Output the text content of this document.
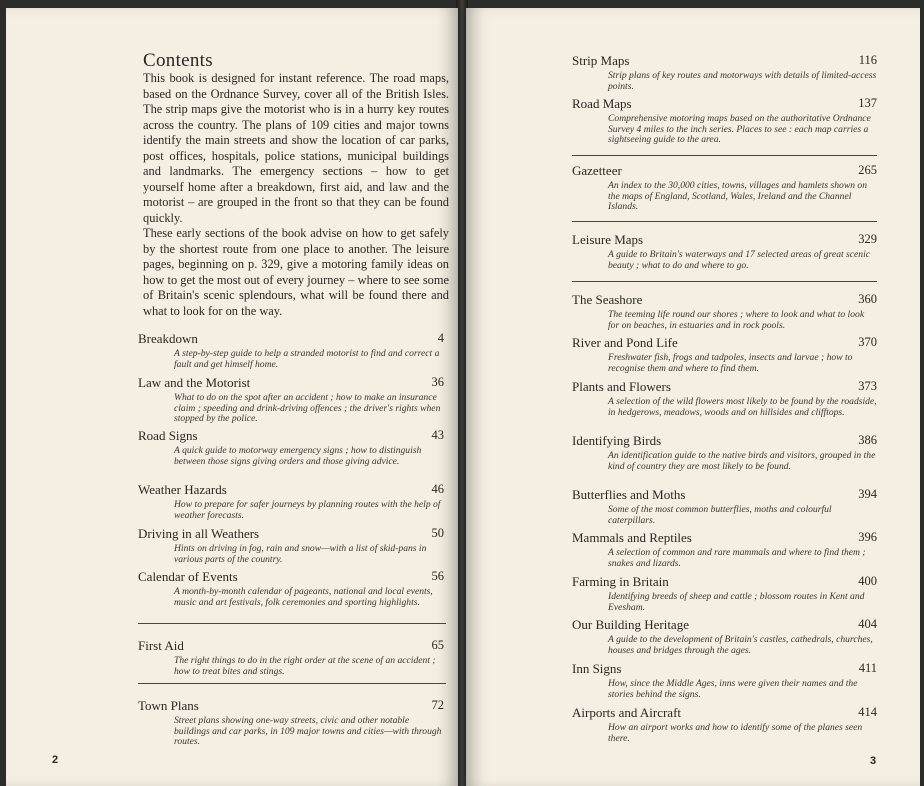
Contents

This book is designed for instant reference. The road maps, based on the Ordnance Survey, cover all of the British Isles. The strip maps give the motorist who is in a hurry key routes across the country. The plans of 109 cities and major towns identify the main streets and show the location of car parks, post offices, hospitals, police stations, municipal buildings and landmarks. The emergency sections – how to get yourself home after a breakdown, first aid, and law and the motorist – are grouped in the front so that they can be found quickly.

These early sections of the book advise on how to get safely by the shortest route from one place to another. The leisure pages, beginning on p. 329, give a motoring family ideas on how to get the most out of every journey – where to see some of Britain's scenic splendours, what will be found there and what to look for on the way.

Breakdown	4
A step-by-step guide to help a stranded motorist to find and correct a fault and get himself home.
Law and the Motorist	36
What to do on the spot after an accident ; how to make an insurance claim ; speeding and drink-driving offences ; the driver's rights when stopped by the police.
Road Signs	43
A quick guide to motorway emergency signs ; how to distinguish between those signs giving orders and those giving advice.
Weather Hazards	46
How to prepare for safer journeys by planning routes with the help of weather forecasts.
Driving in all Weathers	50
Hints on driving in fog, rain and snow—with a list of skid-pans in various parts of the country.
Calendar of Events	56
A month-by-month calendar of pageants, national and local events, music and art festivals, folk ceremonies and sporting highlights.
First Aid	65
The right things to do in the right order at the scene of an accident ; how to treat bites and stings.
Town Plans	72
Street plans showing one-way streets, civic and other notable buildings and car parks, in 109 major towns and cities—with through routes.
2
Strip Maps	116
Strip plans of key routes and motorways with details of limited-access points.
Road Maps	137
Comprehensive motoring maps based on the authoritative Ordnance Survey 4 miles to the inch series. Places to see : each map carries a sightseeing guide to the area.
Gazetteer	265
An index to the 30,000 cities, towns, villages and hamlets shown on the maps of England, Scotland, Wales, Ireland and the Channel Islands.
Leisure Maps	329
A guide to Britain's waterways and 17 selected areas of great scenic beauty ; what to do and where to go.
The Seashore	360
The teeming life round our shores ; where to look and what to look for on beaches, in estuaries and in rock pools.
River and Pond Life	370
Freshwater fish, frogs and tadpoles, insects and larvae ; how to recognise them and where to find them.
Plants and Flowers	373
A selection of the wild flowers most likely to be found by the roadside, in hedgerows, meadows, woods and on hillsides and clifftops.
Identifying Birds	386
An identification guide to the native birds and visitors, grouped in the kind of country they are most likely to be found.
Butterflies and Moths	394
Some of the most common butterflies, moths and colourful caterpillars.
Mammals and Reptiles	396
A selection of common and rare mammals and where to find them ; snakes and lizards.
Farming in Britain	400
Identifying breeds of sheep and cattle ; blossom routes in Kent and Evesham.
Our Building Heritage	404
A guide to the development of Britain's castles, cathedrals, churches, houses and bridges through the ages.
Inn Signs	411
How, since the Middle Ages, inns were given their names and the stories behind the signs.
Airports and Aircraft	414
How an airport works and how to identify some of the planes seen there.
3
